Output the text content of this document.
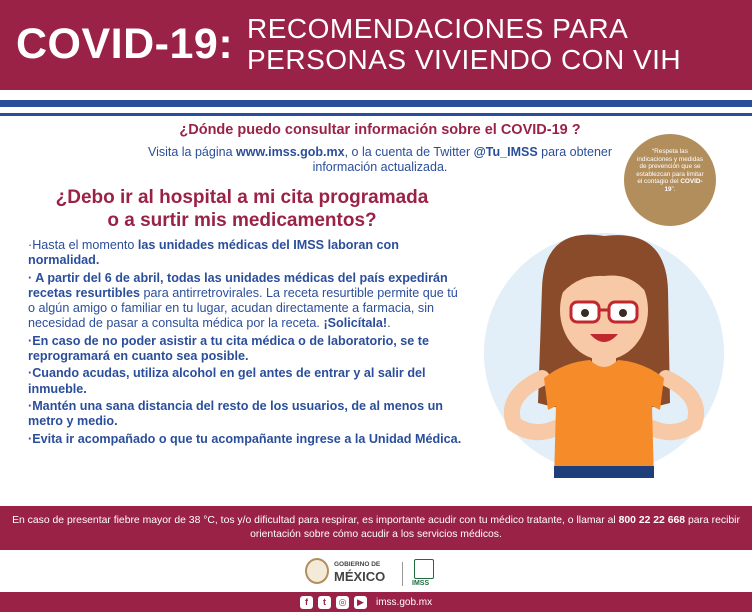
COVID-19: RECOMENDACIONES PARA
PERSONAS VIVIENDO CON VIH
¿Dónde puedo consultar información sobre el COVID-19 ?
Visita la página www.imss.gob.mx, o la cuenta de Twitter @Tu_IMSS para obtener información actualizada.
“Respeta las indicaciones y medidas de prevención que se establezcan para limitar el contagio del COVID- 19”.
¿Debo ir al hospital a mi cita programada
o a surtir mis medicamentos?
·Hasta el momento las unidades médicas del IMSS laboran con normalidad.
· A partir del 6 de abril, todas las unidades médicas del país expedirán recetas resurtibles para antirretrovirales. La receta resurtible permite que tú o algún amigo o familiar en tu lugar, acudan directamente a farmacia, sin necesidad de pasar a consulta médica por la receta. ¡Solicítala!.
·En caso de no poder asistir a tu cita médica o de laboratorio, se te reprogramará en cuanto sea posible.
·Cuando acudas, utiliza alcohol en gel antes de entrar y al salir del inmueble.
·Mantén una sana distancia del resto de los usuarios, de al menos un metro y medio.
·Evita ir acompañado o que tu acompañante ingrese a la Unidad Médica.
En caso de presentar fiebre mayor de 38 °C, tos y/o dificultad para respirar, es importante acudir con tu médico tratante, o llamar al 800 22 22 668 para recibir orientación sobre cómo acudir a los servicios médicos.
GOBIERNO DE
MÉXICO	IMSS
f	t	◎	▶	imss.gob.mx
